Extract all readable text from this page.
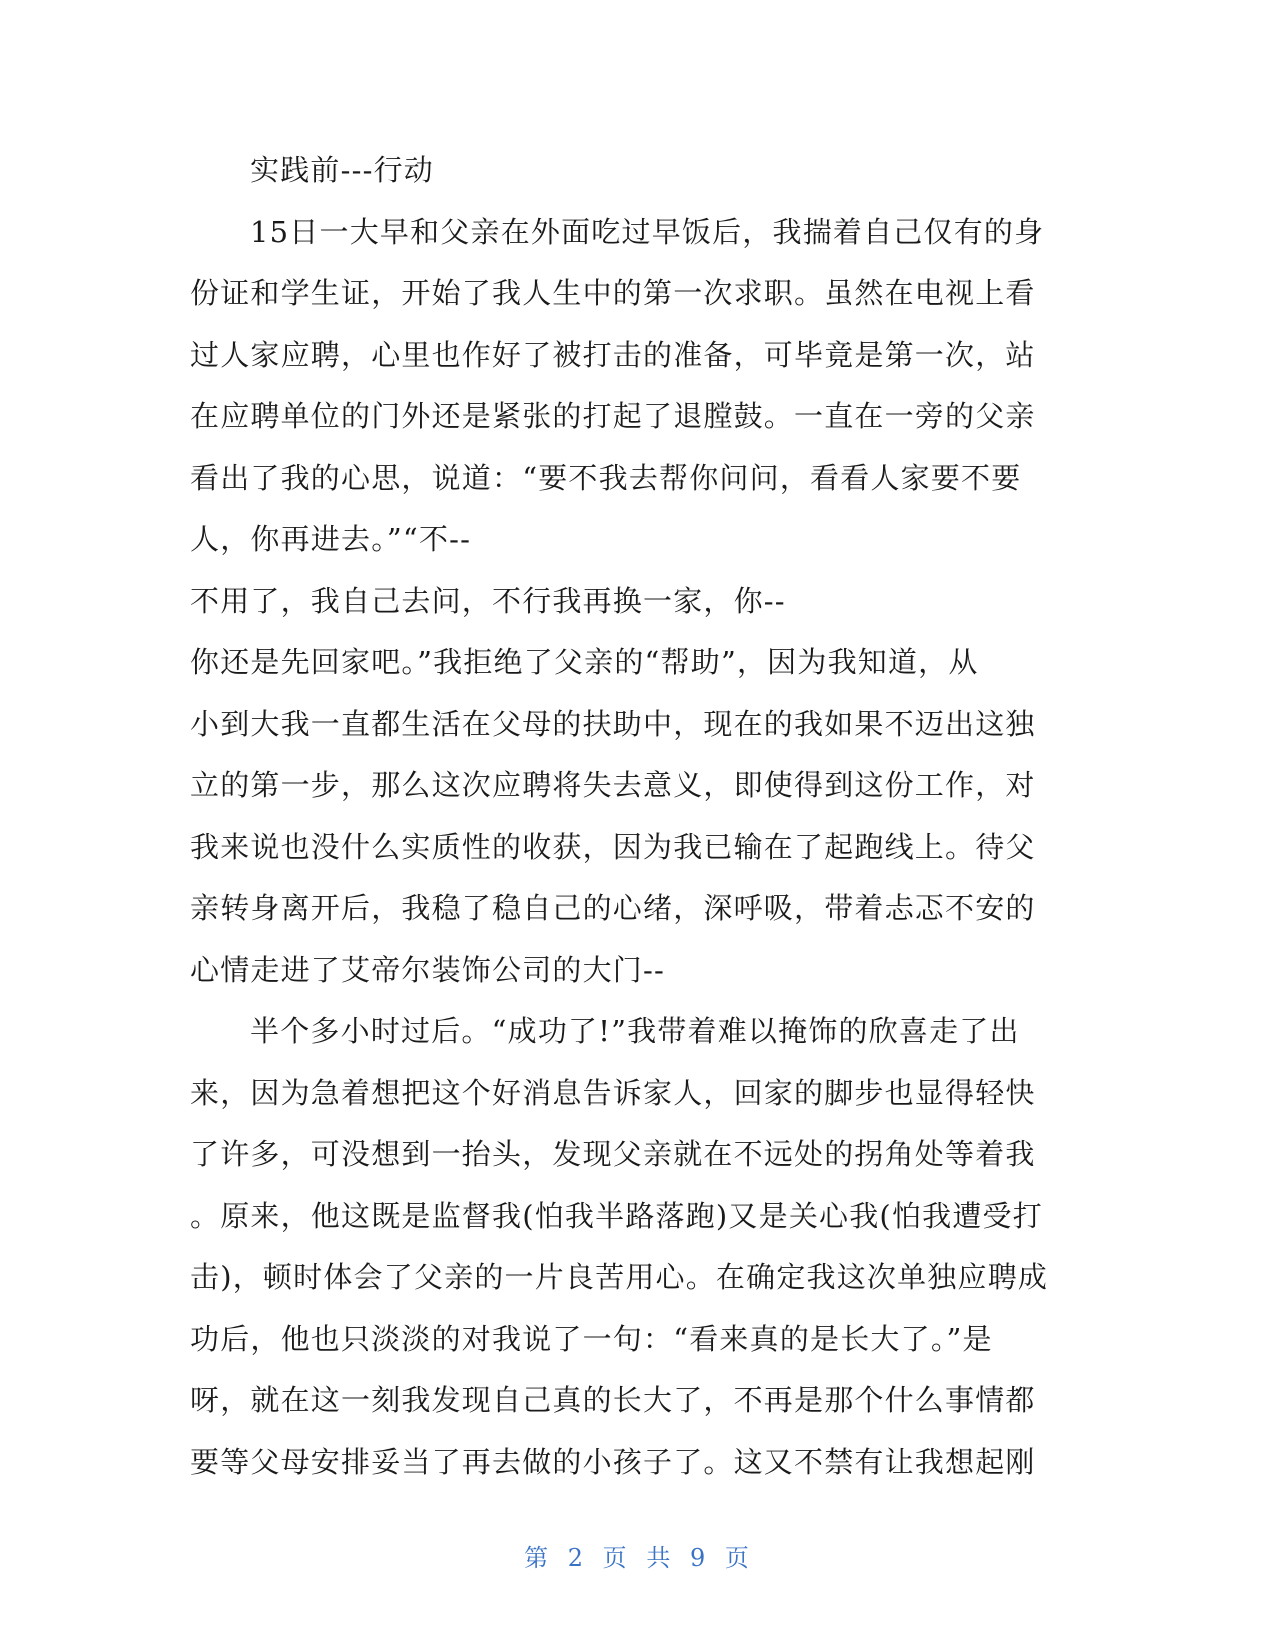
实践前---行动
15日一大早和父亲在外面吃过早饭后，我揣着自己仅有的身
份证和学生证，开始了我人生中的第一次求职。虽然在电视上看
过人家应聘，心里也作好了被打击的准备，可毕竟是第一次，站
在应聘单位的门外还是紧张的打起了退膛鼓。一直在一旁的父亲
看出了我的心思，说道：“要不我去帮你问问，看看人家要不要
人，你再进去。”“不--
不用了，我自己去问，不行我再换一家，你--
你还是先回家吧。”我拒绝了父亲的“帮助”，因为我知道，从
小到大我一直都生活在父母的扶助中，现在的我如果不迈出这独
立的第一步，那么这次应聘将失去意义，即使得到这份工作，对
我来说也没什么实质性的收获，因为我已输在了起跑线上。待父
亲转身离开后，我稳了稳自己的心绪，深呼吸，带着忐忑不安的
心情走进了艾帝尔装饰公司的大门--
半个多小时过后。“成功了!”我带着难以掩饰的欣喜走了出
来，因为急着想把这个好消息告诉家人，回家的脚步也显得轻快
了许多，可没想到一抬头，发现父亲就在不远处的拐角处等着我
。原来，他这既是监督我(怕我半路落跑)又是关心我(怕我遭受打
击)，顿时体会了父亲的一片良苦用心。在确定我这次单独应聘成
功后，他也只淡淡的对我说了一句：“看来真的是长大了。”是
呀，就在这一刻我发现自己真的长大了，不再是那个什么事情都
要等父母安排妥当了再去做的小孩子了。这又不禁有让我想起刚
第 2 页 共 9 页
